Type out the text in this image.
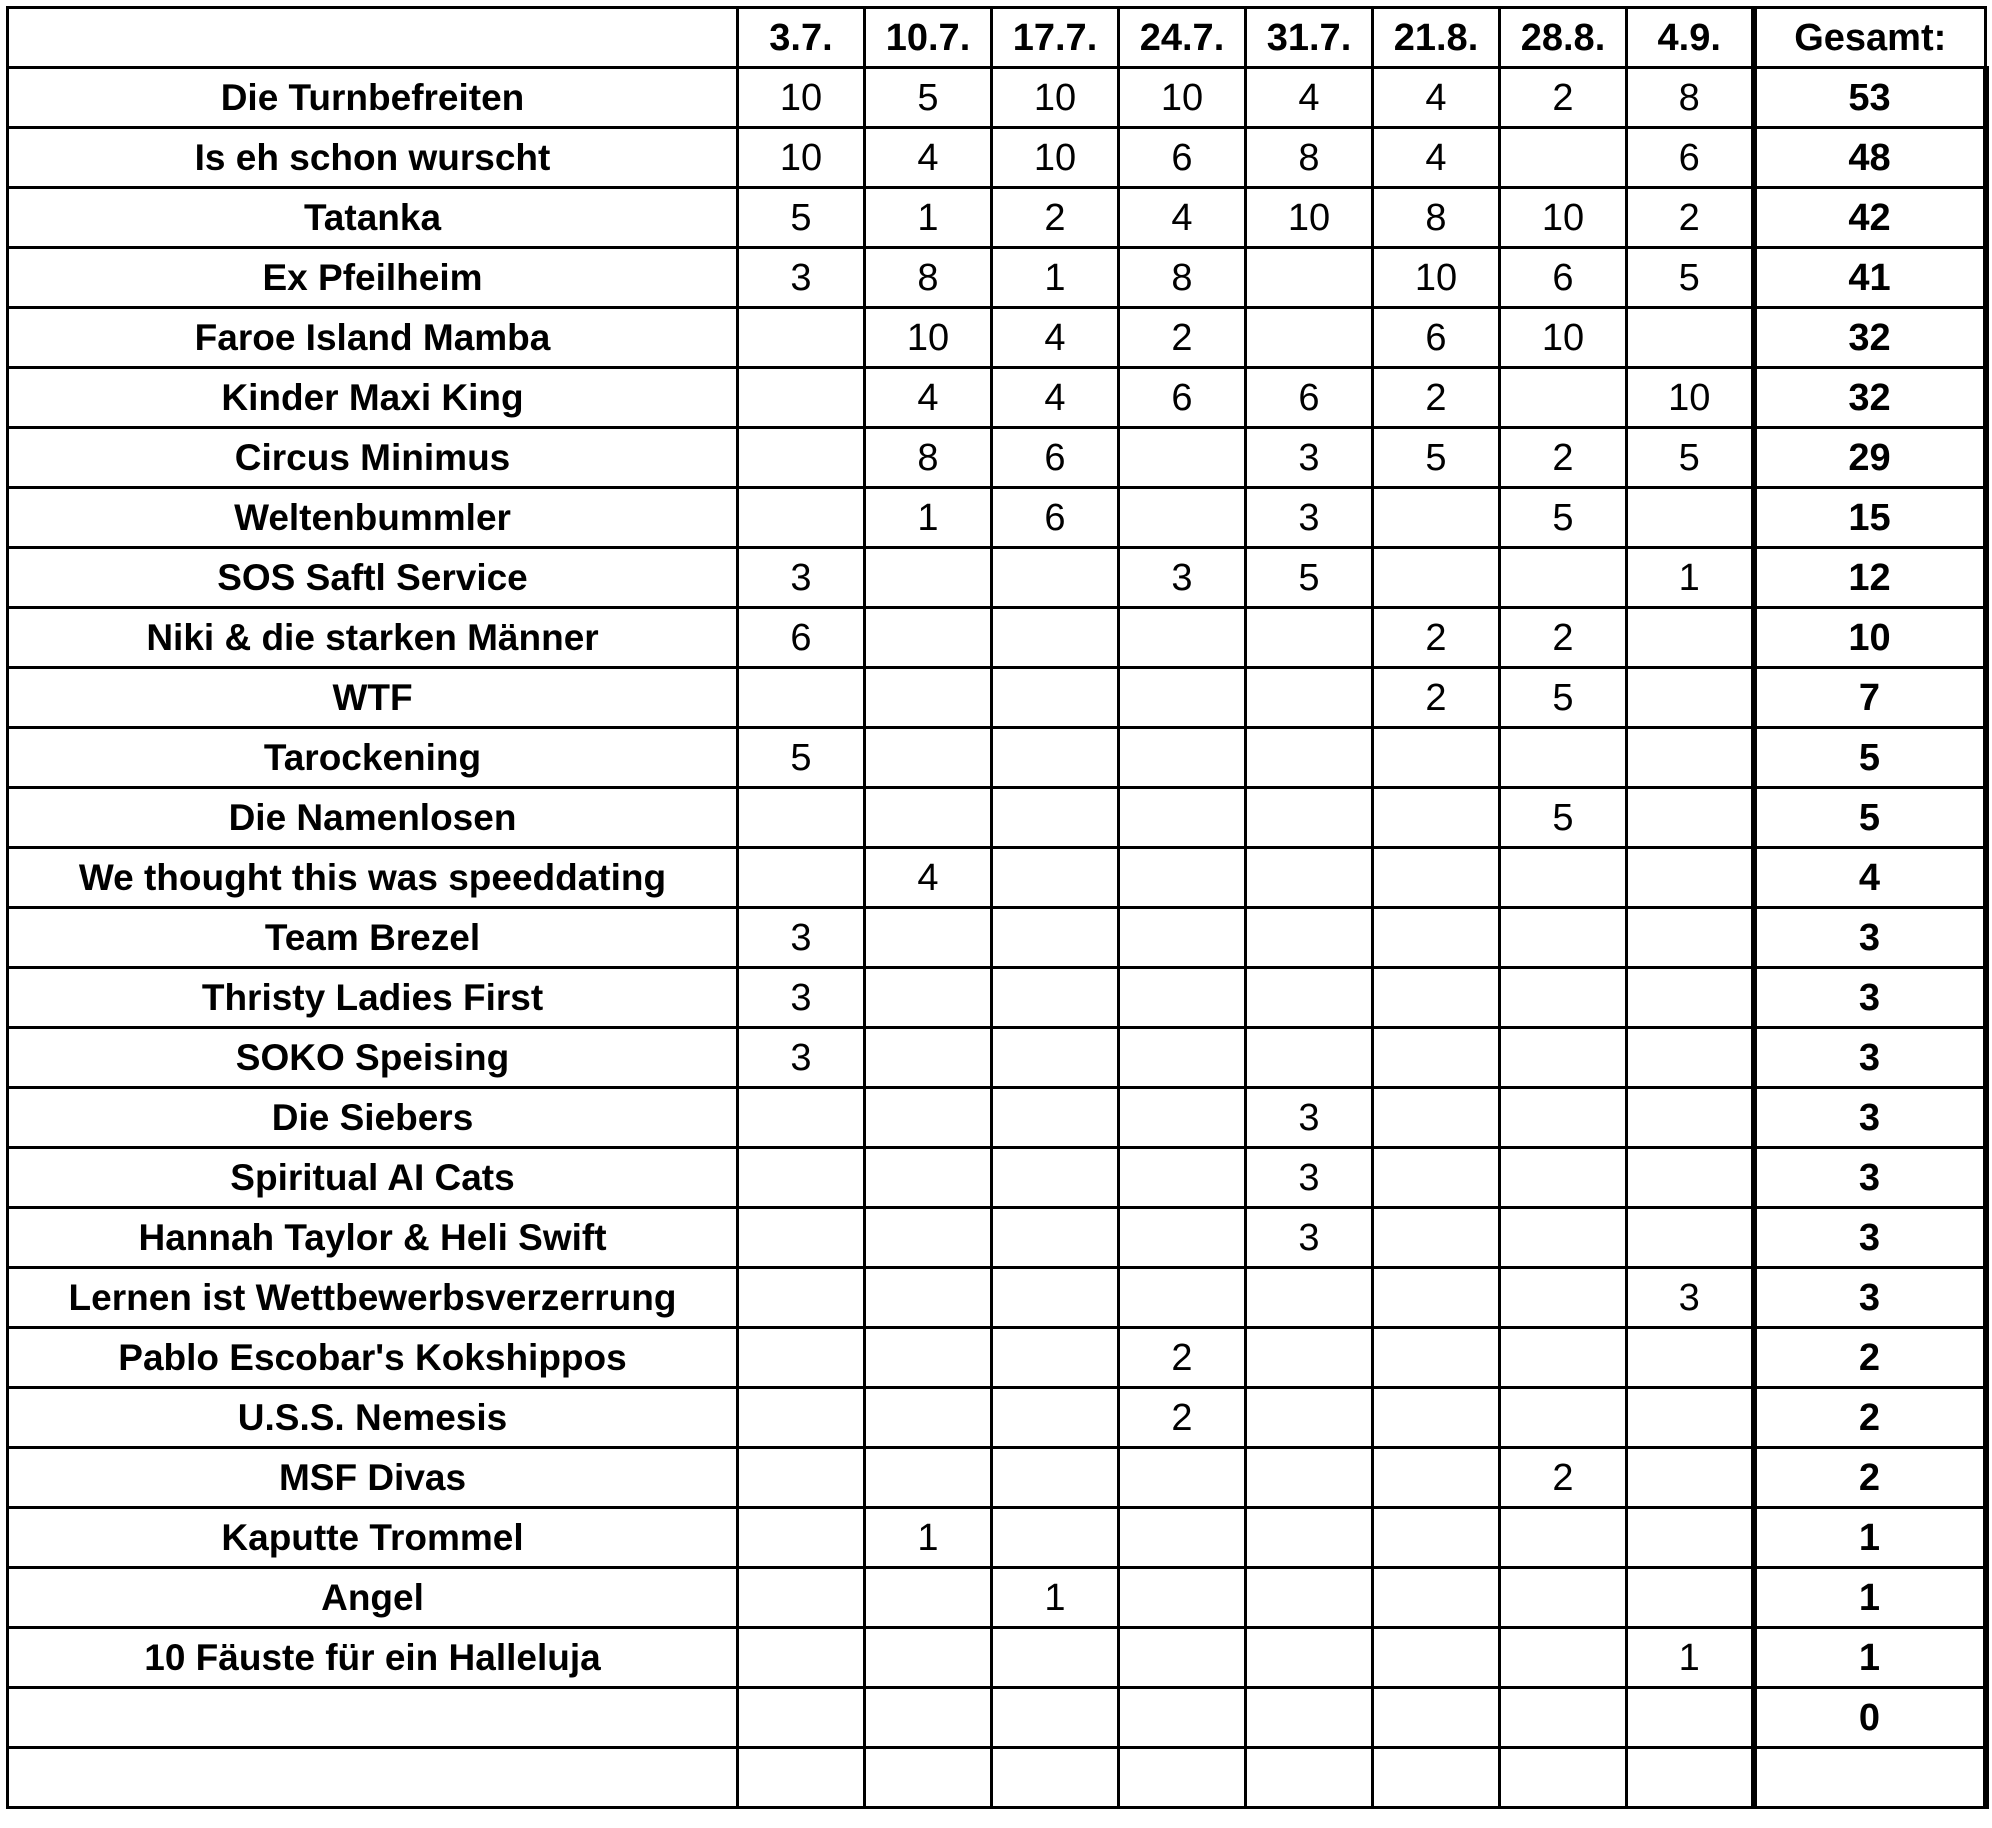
	3.7.	10.7.	17.7.	24.7.	31.7.	21.8.	28.8.	4.9.	Gesamt:
Die Turnbefreiten	10	5	10	10	4	4	2	8	53
Is eh schon wurscht	10	4	10	6	8	4		6	48
Tatanka	5	1	2	4	10	8	10	2	42
Ex Pfeilheim	3	8	1	8		10	6	5	41
Faroe Island Mamba		10	4	2		6	10		32
Kinder Maxi King		4	4	6	6	2		10	32
Circus Minimus		8	6		3	5	2	5	29
Weltenbummler		1	6		3		5		15
SOS Saftl Service	3			3	5			1	12
Niki & die starken Männer	6					2	2		10
WTF						2	5		7
Tarockening	5								5
Die Namenlosen							5		5
We thought this was speeddating		4							4
Team Brezel	3								3
Thristy Ladies First	3								3
SOKO Speising	3								3
Die Siebers					3				3
Spiritual AI Cats					3				3
Hannah Taylor & Heli Swift					3				3
Lernen ist Wettbewerbsverzerrung								3	3
Pablo Escobar's Kokshippos				2					2
U.S.S. Nemesis				2					2
MSF Divas							2		2
Kaputte Trommel		1							1
Angel			1						1
10 Fäuste für ein Halleluja								1	1
									0
